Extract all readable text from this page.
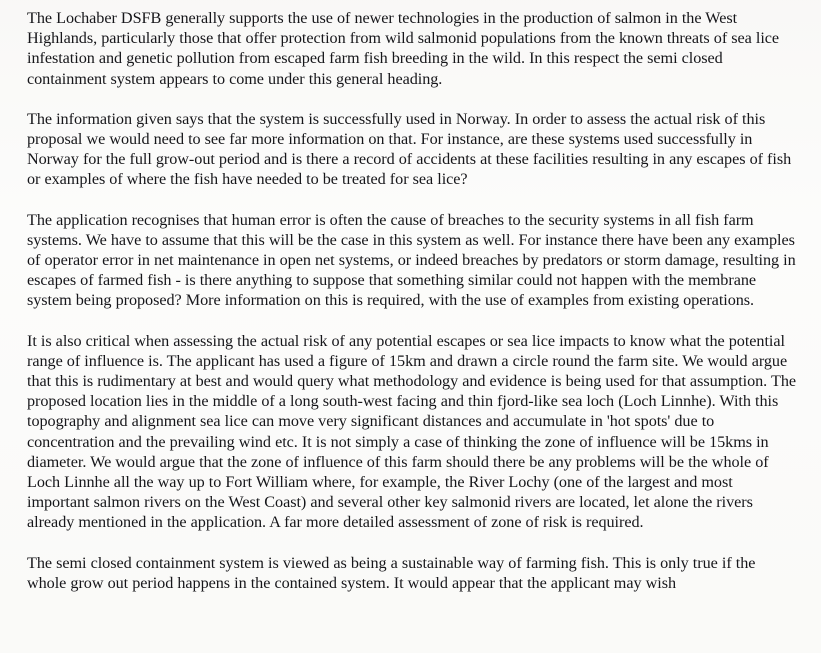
The Lochaber DSFB generally supports the use of newer technologies in the production of salmon in the West Highlands, particularly those that offer protection from wild salmonid populations from the known threats of sea lice infestation and genetic pollution from escaped farm fish breeding in the wild. In this respect the semi closed containment system appears to come under this general heading.

The information given says that the system is successfully used in Norway. In order to assess the actual risk of this proposal we would need to see far more information on that. For instance, are these systems used successfully in Norway for the full grow-out period and is there a record of accidents at these facilities resulting in any escapes of fish or examples of where the fish have needed to be treated for sea lice?

The application recognises that human error is often the cause of breaches to the security systems in all fish farm systems. We have to assume that this will be the case in this system as well. For instance there have been any examples of operator error in net maintenance in open net systems, or indeed breaches by predators or storm damage, resulting in escapes of farmed fish - is there anything to suppose that something similar could not happen with the membrane system being proposed? More information on this is required, with the use of examples from existing operations.

It is also critical when assessing the actual risk of any potential escapes or sea lice impacts to know what the potential range of influence is. The applicant has used a figure of 15km and drawn a circle round the farm site. We would argue that this is rudimentary at best and would query what methodology and evidence is being used for that assumption. The proposed location lies in the middle of a long south-west facing and thin fjord-like sea loch (Loch Linnhe). With this topography and alignment sea lice can move very significant distances and accumulate in 'hot spots' due to concentration and the prevailing wind etc. It is not simply a case of thinking the zone of influence will be 15kms in diameter. We would argue that the zone of influence of this farm should there be any problems will be the whole of Loch Linnhe all the way up to Fort William where, for example, the River Lochy (one of the largest and most important salmon rivers on the West Coast) and several other key salmonid rivers are located, let alone the rivers already mentioned in the application. A far more detailed assessment of zone of risk is required.

The semi closed containment system is viewed as being a sustainable way of farming fish. This is only true if the whole grow out period happens in the contained system. It would appear that the applicant may wish
